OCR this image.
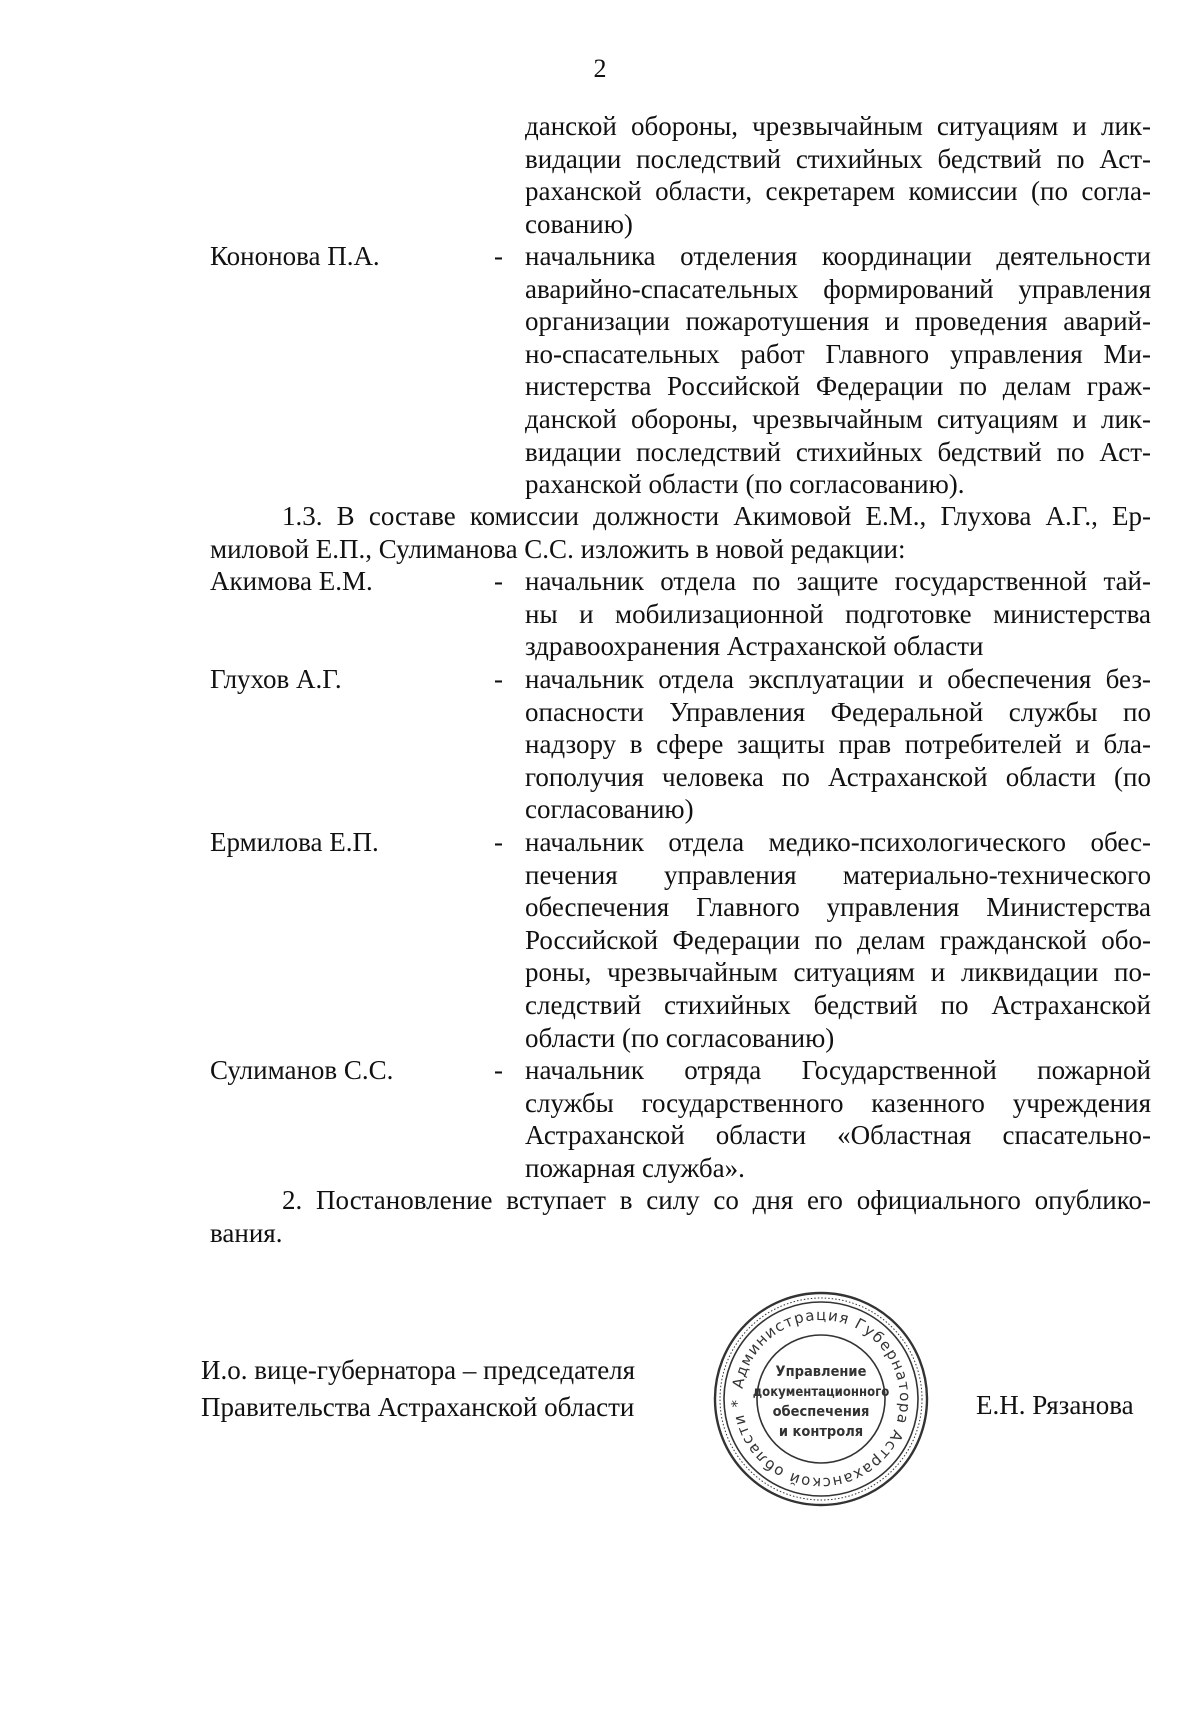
2
данской обороны, чрезвычайным ситуациям и лик-
видации последствий стихийных бедствий по Аст-
раханской области, секретарем комиссии (по согла-
сованию)
Кононова П.А.	- начальника отделения координации деятельности
аварийно-спасательных формирований управления
организации пожаротушения и проведения аварий-
но-спасательных работ Главного управления Ми-
нистерства Российской Федерации по делам граж-
данской обороны, чрезвычайным ситуациям и лик-
видации последствий стихийных бедствий по Аст-
раханской области (по согласованию).
1.3. В составе комиссии должности Акимовой Е.М., Глухова А.Г., Ер-
миловой Е.П., Сулиманова С.С. изложить в новой редакции:
Акимова Е.М.	- начальник отдела по защите государственной тай-
ны и мобилизационной подготовке министерства
здравоохранения Астраханской области
Глухов А.Г.	- начальник отдела эксплуатации и обеспечения без-
опасности Управления Федеральной службы по
надзору в сфере защиты прав потребителей и бла-
гополучия человека по Астраханской области (по
согласованию)
Ермилова Е.П.	- начальник отдела медико-психологического обес-
печения управления материально-технического
обеспечения Главного управления Министерства
Российской Федерации по делам гражданской обо-
роны, чрезвычайным ситуациям и ликвидации по-
следствий стихийных бедствий по Астраханской
области (по согласованию)
Сулиманов С.С.	- начальник отряда Государственной пожарной
службы государственного казенного учреждения
Астраханской области «Областная спасательно-
пожарная служба».
2. Постановление вступает в силу со дня его официального опублико-
вания.
И.о. вице-губернатора – председателя
Правительства Астраханской области
Администрация Губернатора Астраханской области *
Управление
документационного
обеспечения
и контроля
Е.Н. Рязанова
